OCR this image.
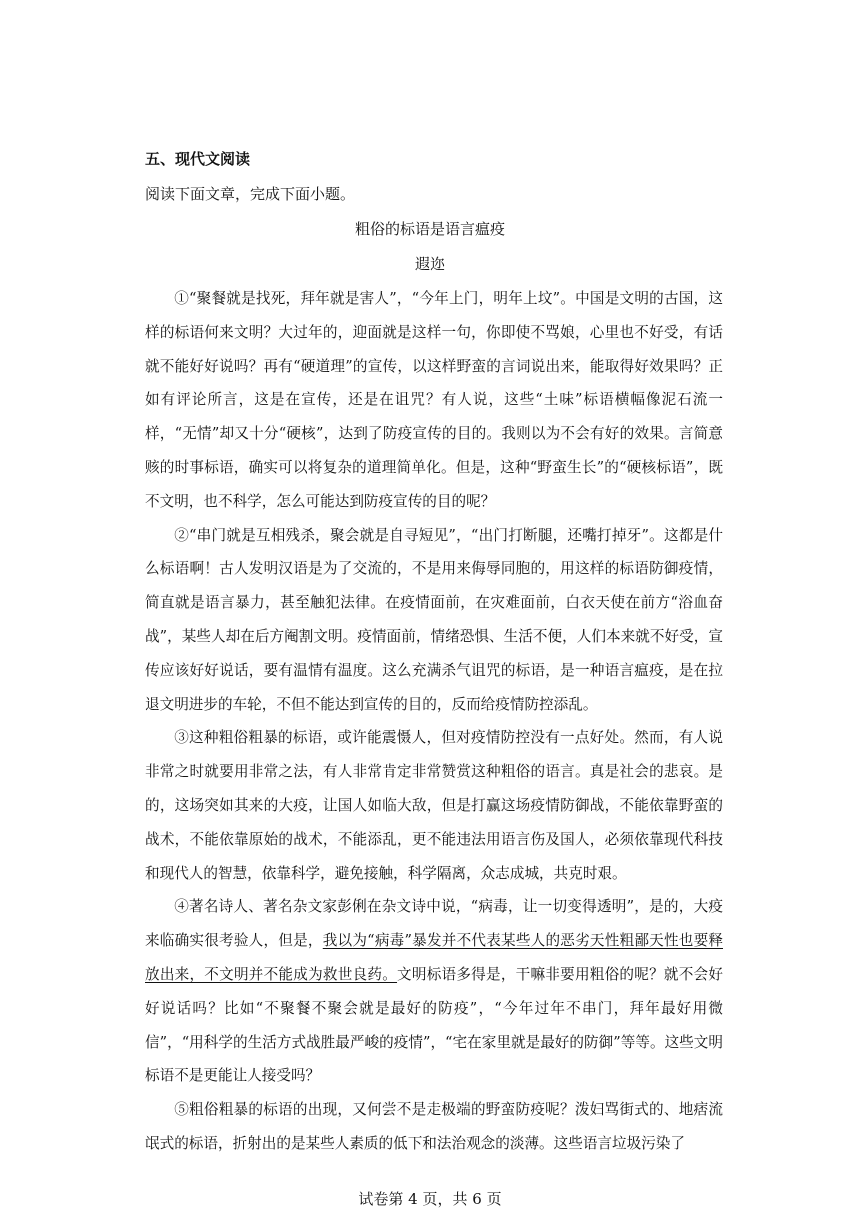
五、现代文阅读
阅读下面文章，完成下面小题。
粗俗的标语是语言瘟疫
遐迩

①“聚餐就是找死，拜年就是害人”，“今年上门，明年上坟”。中国是文明的古国，这样的标语何来文明？大过年的，迎面就是这样一句，你即使不骂娘，心里也不好受，有话就不能好好说吗？再有“硬道理”的宣传，以这样野蛮的言词说出来，能取得好效果吗？正如有评论所言，这是在宣传，还是在诅咒？有人说，这些“土味”标语横幅像泥石流一样，“无情”却又十分“硬核”，达到了防疫宣传的目的。我则以为不会有好的效果。言简意赅的时事标语，确实可以将复杂的道理简单化。但是，这种“野蛮生长”的“硬核标语”，既不文明，也不科学，怎么可能达到防疫宣传的目的呢？

②“串门就是互相残杀，聚会就是自寻短见”，“出门打断腿，还嘴打掉牙”。这都是什么标语啊！古人发明汉语是为了交流的，不是用来侮辱同胞的，用这样的标语防御疫情，简直就是语言暴力，甚至触犯法律。在疫情面前，在灾难面前，白衣天使在前方“浴血奋战”，某些人却在后方阉割文明。疫情面前，情绪恐惧、生活不便，人们本来就不好受，宣传应该好好说话，要有温情有温度。这么充满杀气诅咒的标语，是一种语言瘟疫，是在拉退文明进步的车轮，不但不能达到宣传的目的，反而给疫情防控添乱。

③这种粗俗粗暴的标语，或许能震慑人，但对疫情防控没有一点好处。然而，有人说非常之时就要用非常之法，有人非常肯定非常赞赏这种粗俗的语言。真是社会的悲哀。是的，这场突如其来的大疫，让国人如临大敌，但是打赢这场疫情防御战，不能依靠野蛮的战术，不能依靠原始的战术，不能添乱，更不能违法用语言伤及国人，必须依靠现代科技和现代人的智慧，依靠科学，避免接触，科学隔离，众志成城，共克时艰。

④著名诗人、著名杂文家彭俐在杂文诗中说，“病毒，让一切变得透明”，是的，大疫来临确实很考验人，但是，我以为“病毒”暴发并不代表某些人的恶劣天性粗鄙天性也要释放出来，不文明并不能成为救世良药。文明标语多得是，干嘛非要用粗俗的呢？就不会好好说话吗？比如“不聚餐不聚会就是最好的防疫”，“今年过年不串门，拜年最好用微信”，“用科学的生活方式战胜最严峻的疫情”，“宅在家里就是最好的防御”等等。这些文明标语不是更能让人接受吗？

⑤粗俗粗暴的标语的出现，又何尝不是走极端的野蛮防疫呢？泼妇骂街式的、地痞流氓式的标语，折射出的是某些人素质的低下和法治观念的淡薄。这些语言垃圾污染了

试卷第 4 页，共 6 页
